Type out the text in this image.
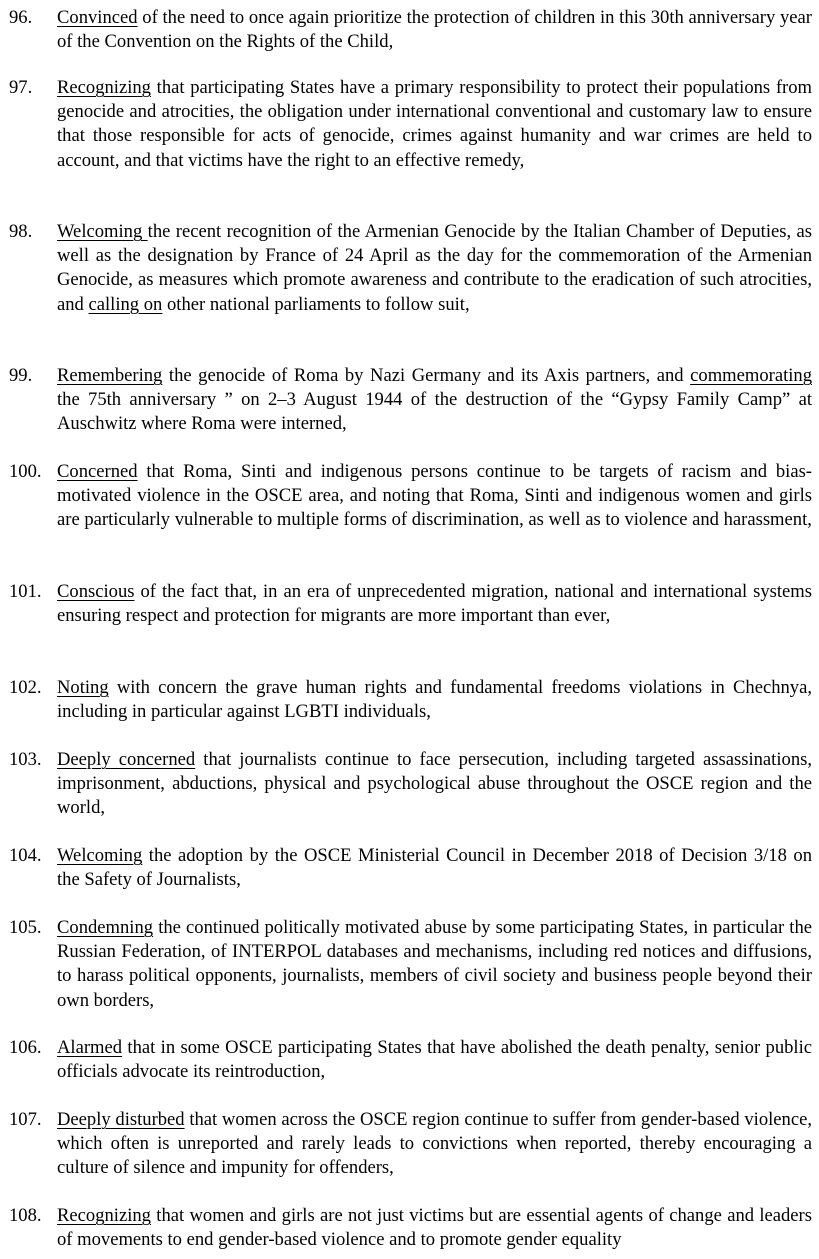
96.	Convinced of the need to once again prioritize the protection of children in this 30th anniversary year of the Convention on the Rights of the Child,
97.	Recognizing that participating States have a primary responsibility to protect their populations from genocide and atrocities, the obligation under international conventional and customary law to ensure that those responsible for acts of genocide, crimes against humanity and war crimes are held to account, and that victims have the right to an effective remedy,
98.	Welcoming the recent recognition of the Armenian Genocide by the Italian Chamber of Deputies, as well as the designation by France of 24 April as the day for the commemoration of the Armenian Genocide, as measures which promote awareness and contribute to the eradication of such atrocities, and calling on other national parliaments to follow suit,
99.	Remembering the genocide of Roma by Nazi Germany and its Axis partners, and commemorating the 75th anniversary ” on 2–3 August 1944 of the destruction of the “Gypsy Family Camp” at Auschwitz where Roma were interned,
100. Concerned that Roma, Sinti and indigenous persons continue to be targets of racism and bias-motivated violence in the OSCE area, and noting that Roma, Sinti and indigenous women and girls are particularly vulnerable to multiple forms of discrimination, as well as to violence and harassment,
101. Conscious of the fact that, in an era of unprecedented migration, national and international systems ensuring respect and protection for migrants are more important than ever,
102. Noting with concern the grave human rights and fundamental freedoms violations in Chechnya, including in particular against LGBTI individuals,
103. Deeply concerned that journalists continue to face persecution, including targeted assassinations, imprisonment, abductions, physical and psychological abuse throughout the OSCE region and the world,
104. Welcoming the adoption by the OSCE Ministerial Council in December 2018 of Decision 3/18 on the Safety of Journalists,
105. Condemning the continued politically motivated abuse by some participating States, in particular the Russian Federation, of INTERPOL databases and mechanisms, including red notices and diffusions, to harass political opponents, journalists, members of civil society and business people beyond their own borders,
106. Alarmed that in some OSCE participating States that have abolished the death penalty, senior public officials advocate its reintroduction,
107. Deeply disturbed that women across the OSCE region continue to suffer from gender-based violence, which often is unreported and rarely leads to convictions when reported, thereby encouraging a culture of silence and impunity for offenders,
108. Recognizing that women and girls are not just victims but are essential agents of change and leaders of movements to end gender-based violence and to promote gender equality
